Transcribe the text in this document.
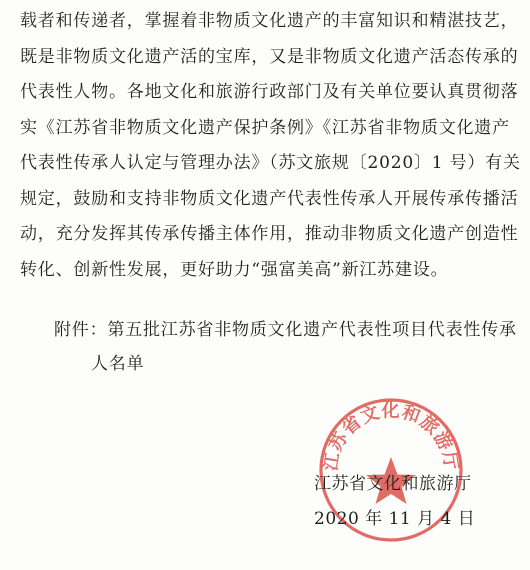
载者和传递者，掌握着非物质文化遗产的丰富知识和精湛技艺，
既是非物质文化遗产活的宝库，又是非物质文化遗产活态传承的
代表性人物。各地文化和旅游行政部门及有关单位要认真贯彻落
实《江苏省非物质文化遗产保护条例》《江苏省非物质文化遗产
代表性传承人认定与管理办法》（苏文旅规〔2020〕1 号）有关
规定，鼓励和支持非物质文化遗产代表性传承人开展传承传播活
动，充分发挥其传承传播主体作用，推动非物质文化遗产创造性
转化、创新性发展，更好助力“强富美高”新江苏建设。
附件：第五批江苏省非物质文化遗产代表性项目代表性传承
人名单
江苏省文化和旅游厅
江苏省文化和旅游厅
2020 年 11 月 4 日
